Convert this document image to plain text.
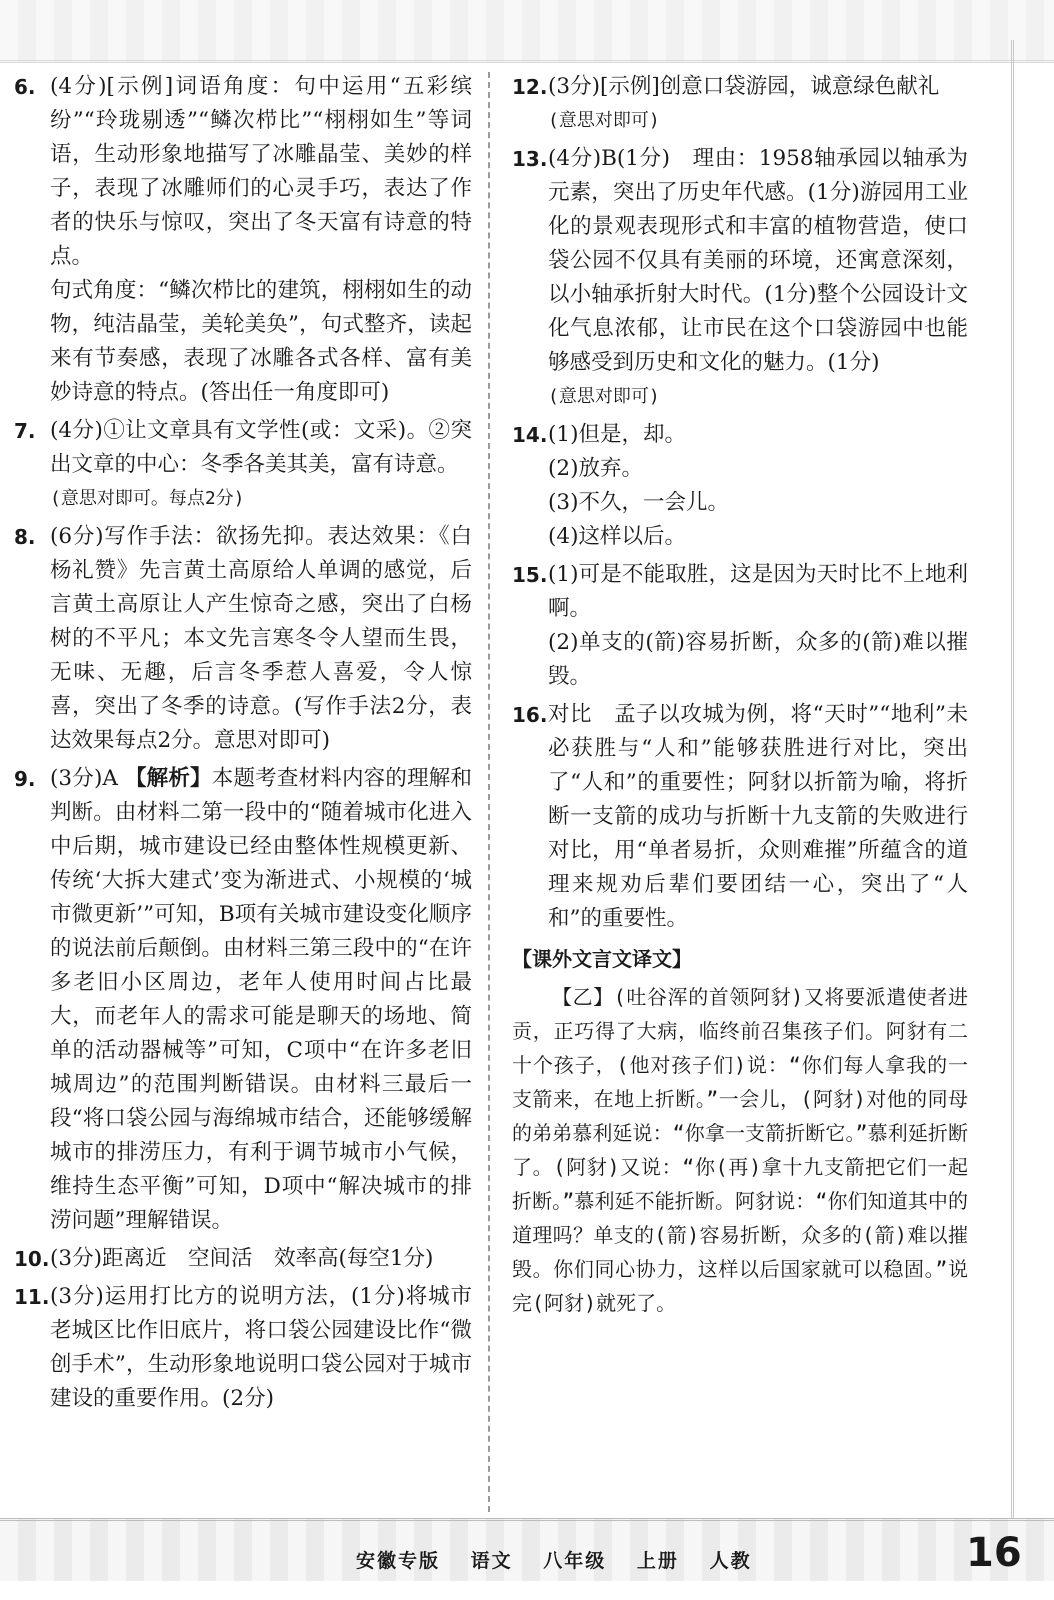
6. (4分)[示例]词语角度：句中运用“五彩缤纷”“玲珑剔透”“鳞次栉比”“栩栩如生”等词语，生动形象地描写了冰雕晶莹、美妙的样子，表现了冰雕师们的心灵手巧，表达了作者的快乐与惊叹，突出了冬天富有诗意的特点。

句式角度：“鳞次栉比的建筑，栩栩如生的动物，纯洁晶莹，美轮美奂”，句式整齐，读起来有节奏感，表现了冰雕各式各样、富有美妙诗意的特点。(答出任一角度即可)

7. (4分)①让文章具有文学性(或：文采)。②突出文章的中心：冬季各美其美，富有诗意。

(意思对即可。每点2分)

8. (6分)写作手法：欲扬先抑。表达效果：《白杨礼赞》先言黄土高原给人单调的感觉，后言黄土高原让人产生惊奇之感，突出了白杨树的不平凡；本文先言寒冬令人望而生畏，无味、无趣，后言冬季惹人喜爱，令人惊喜，突出了冬季的诗意。(写作手法2分，表达效果每点2分。意思对即可)

9. (3分)A 【解析】本题考查材料内容的理解和判断。由材料二第一段中的“随着城市化进入中后期，城市建设已经由整体性规模更新、传统‘大拆大建式’变为渐进式、小规模的‘城市微更新’”可知，B项有关城市建设变化顺序的说法前后颠倒。由材料三第三段中的“在许多老旧小区周边，老年人使用时间占比最大，而老年人的需求可能是聊天的场地、简单的活动器械等”可知，C项中“在许多老旧城周边”的范围判断错误。由材料三最后一段“将口袋公园与海绵城市结合，还能够缓解城市的排涝压力，有利于调节城市小气候，维持生态平衡”可知，D项中“解决城市的排涝问题”理解错误。

10. (3分)距离近　空间活　效率高(每空1分)

11. (3分)运用打比方的说明方法，(1分)将城市老城区比作旧底片，将口袋公园建设比作“微创手术”，生动形象地说明口袋公园对于城市建设的重要作用。(2分)

12. (3分)[示例]创意口袋游园，诚意绿色献礼

(意思对即可)

13. (4分)B(1分)　理由：1958轴承园以轴承为元素，突出了历史年代感。(1分)游园用工业化的景观表现形式和丰富的植物营造，使口袋公园不仅具有美丽的环境，还寓意深刻，以小轴承折射大时代。(1分)整个公园设计文化气息浓郁，让市民在这个口袋游园中也能够感受到历史和文化的魅力。(1分)

(意思对即可)

14. (1)但是，却。

(2)放弃。

(3)不久，一会儿。

(4)这样以后。

15. (1)可是不能取胜，这是因为天时比不上地利啊。

(2)单支的(箭)容易折断，众多的(箭)难以摧毁。

16. 对比　孟子以攻城为例，将“天时”“地利”未必获胜与“人和”能够获胜进行对比，突出了“人和”的重要性；阿豺以折箭为喻，将折断一支箭的成功与折断十九支箭的失败进行对比，用“单者易折，众则难摧”所蕴含的道理来规劝后辈们要团结一心，突出了“人和”的重要性。

【课外文言文译文】

【乙】(吐谷浑的首领阿豺)又将要派遣使者进贡，正巧得了大病，临终前召集孩子们。阿豺有二十个孩子，(他对孩子们)说：“你们每人拿我的一支箭来，在地上折断。”一会儿，(阿豺)对他的同母的弟弟慕利延说：“你拿一支箭折断它。”慕利延折断了。(阿豺)又说：“你(再)拿十九支箭把它们一起折断。”慕利延不能折断。阿豺说：“你们知道其中的道理吗？单支的(箭)容易折断，众多的(箭)难以摧毁。你们同心协力，这样以后国家就可以稳固。”说完(阿豺)就死了。

安徽专版 语文 八年级 上册 人教	16
